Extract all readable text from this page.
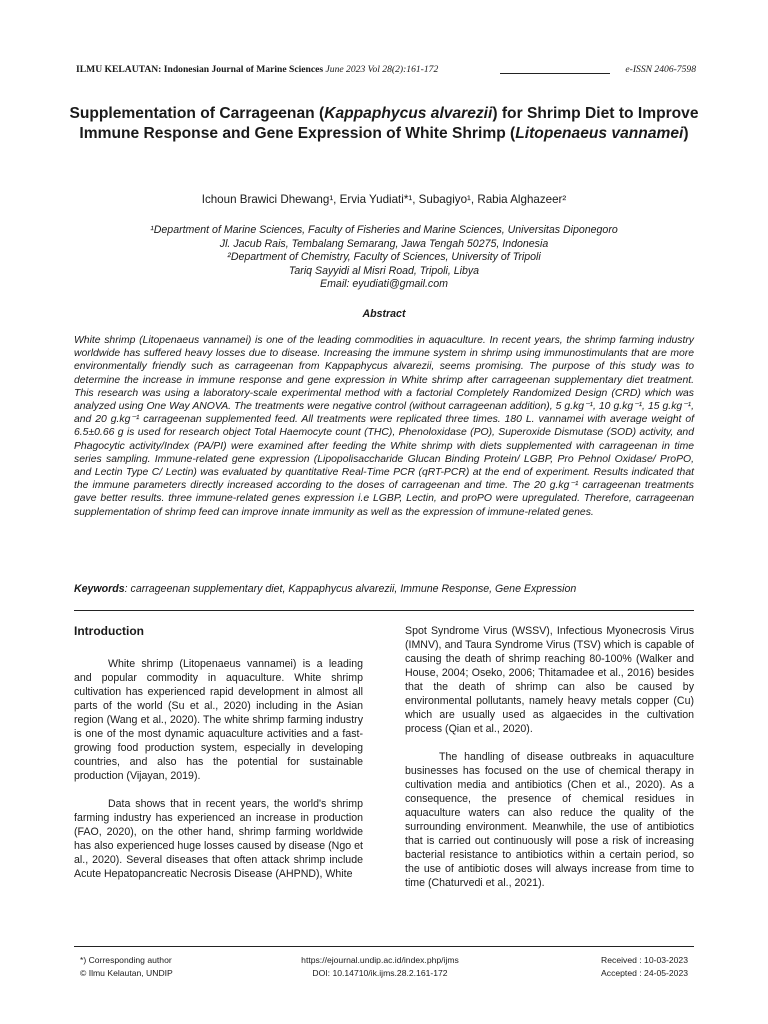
ILMU KELAUTAN: Indonesian Journal of Marine Sciences June 2023 Vol 28(2):161-172	e-ISSN 2406-7598
Supplementation of Carrageenan (Kappaphycus alvarezii) for Shrimp Diet to Improve Immune Response and Gene Expression of White Shrimp (Litopenaeus vannamei)

Ichoun Brawici Dhewang¹, Ervia Yudiati*¹, Subagiyo¹, Rabia Alghazeer²

¹Department of Marine Sciences, Faculty of Fisheries and Marine Sciences, Universitas Diponegoro
Jl. Jacub Rais, Tembalang Semarang, Jawa Tengah 50275, Indonesia
²Department of Chemistry, Faculty of Sciences, University of Tripoli
Tariq Sayyidi al Misri Road, Tripoli, Libya
Email: eyudiati@gmail.com
Abstract

White shrimp (Litopenaeus vannamei) is one of the leading commodities in aquaculture. In recent years, the shrimp farming industry worldwide has suffered heavy losses due to disease. Increasing the immune system in shrimp using immunostimulants that are more environmentally friendly such as carrageenan from Kappaphycus alvarezii, seems promising. The purpose of this study was to determine the increase in immune response and gene expression in White shrimp after carrageenan supplementary diet treatment. This research was using a laboratory-scale experimental method with a factorial Completely Randomized Design (CRD) which was analyzed using One Way ANOVA. The treatments were negative control (without carrageenan addition), 5 g.kg⁻¹, 10 g.kg⁻¹, 15 g.kg⁻¹, and 20 g.kg⁻¹ carrageenan supplemented feed. All treatments were replicated three times. 180 L. vannamei with average weight of 6.5±0.66 g is used for research object Total Haemocyte count (THC), Phenoloxidase (PO), Superoxide Dismutase (SOD) activity, and Phagocytic activity/Index (PA/PI) were examined after feeding the White shrimp with diets supplemented with carrageenan in time series sampling. Immune-related gene expression (Lipopolisaccharide Glucan Binding Protein/ LGBP, Pro Pehnol Oxidase/ ProPO, and Lectin Type C/ Lectin) was evaluated by quantitative Real-Time PCR (qRT-PCR) at the end of experiment. Results indicated that the immune parameters directly increased according to the doses of carrageenan and time. The 20 g.kg⁻¹ carrageenan treatments gave better results. three immune-related genes expression i.e LGBP, Lectin, and proPO were upregulated. Therefore, carrageenan supplementation of shrimp feed can improve innate immunity as well as the expression of immune-related genes.

Keywords: carrageenan supplementary diet, Kappaphycus alvarezii, Immune Response, Gene Expression

Introduction

White shrimp (Litopenaeus vannamei) is a leading and popular commodity in aquaculture. White shrimp cultivation has experienced rapid development in almost all parts of the world (Su et al., 2020) including in the Asian region (Wang et al., 2020). The white shrimp farming industry is one of the most dynamic aquaculture activities and a fast-growing food production system, especially in developing countries, and also has the potential for sustainable production (Vijayan, 2019).

Data shows that in recent years, the world's shrimp farming industry has experienced an increase in production (FAO, 2020), on the other hand, shrimp farming worldwide has also experienced huge losses caused by disease (Ngo et al., 2020). Several diseases that often attack shrimp include Acute Hepatopancreatic Necrosis Disease (AHPND), White

Spot Syndrome Virus (WSSV), Infectious Myonecrosis Virus (IMNV), and Taura Syndrome Virus (TSV) which is capable of causing the death of shrimp reaching 80-100% (Walker and House, 2004; Oseko, 2006; Thitamadee et al., 2016) besides that the death of shrimp can also be caused by environmental pollutants, namely heavy metals copper (Cu) which are usually used as algaecides in the cultivation process (Qian et al., 2020).

The handling of disease outbreaks in aquaculture businesses has focused on the use of chemical therapy in cultivation media and antibiotics (Chen et al., 2020). As a consequence, the presence of chemical residues in aquaculture waters can also reduce the quality of the surrounding environment. Meanwhile, the use of antibiotics that is carried out continuously will pose a risk of increasing bacterial resistance to antibiotics within a certain period, so the use of antibiotic doses will always increase from time to time (Chaturvedi et al., 2021).

*) Corresponding author
© Ilmu Kelautan, UNDIP
https://ejournal.undip.ac.id/index.php/ijms
DOI: 10.14710/ik.ijms.28.2.161-172
Received : 10-03-2023
Accepted : 24-05-2023
